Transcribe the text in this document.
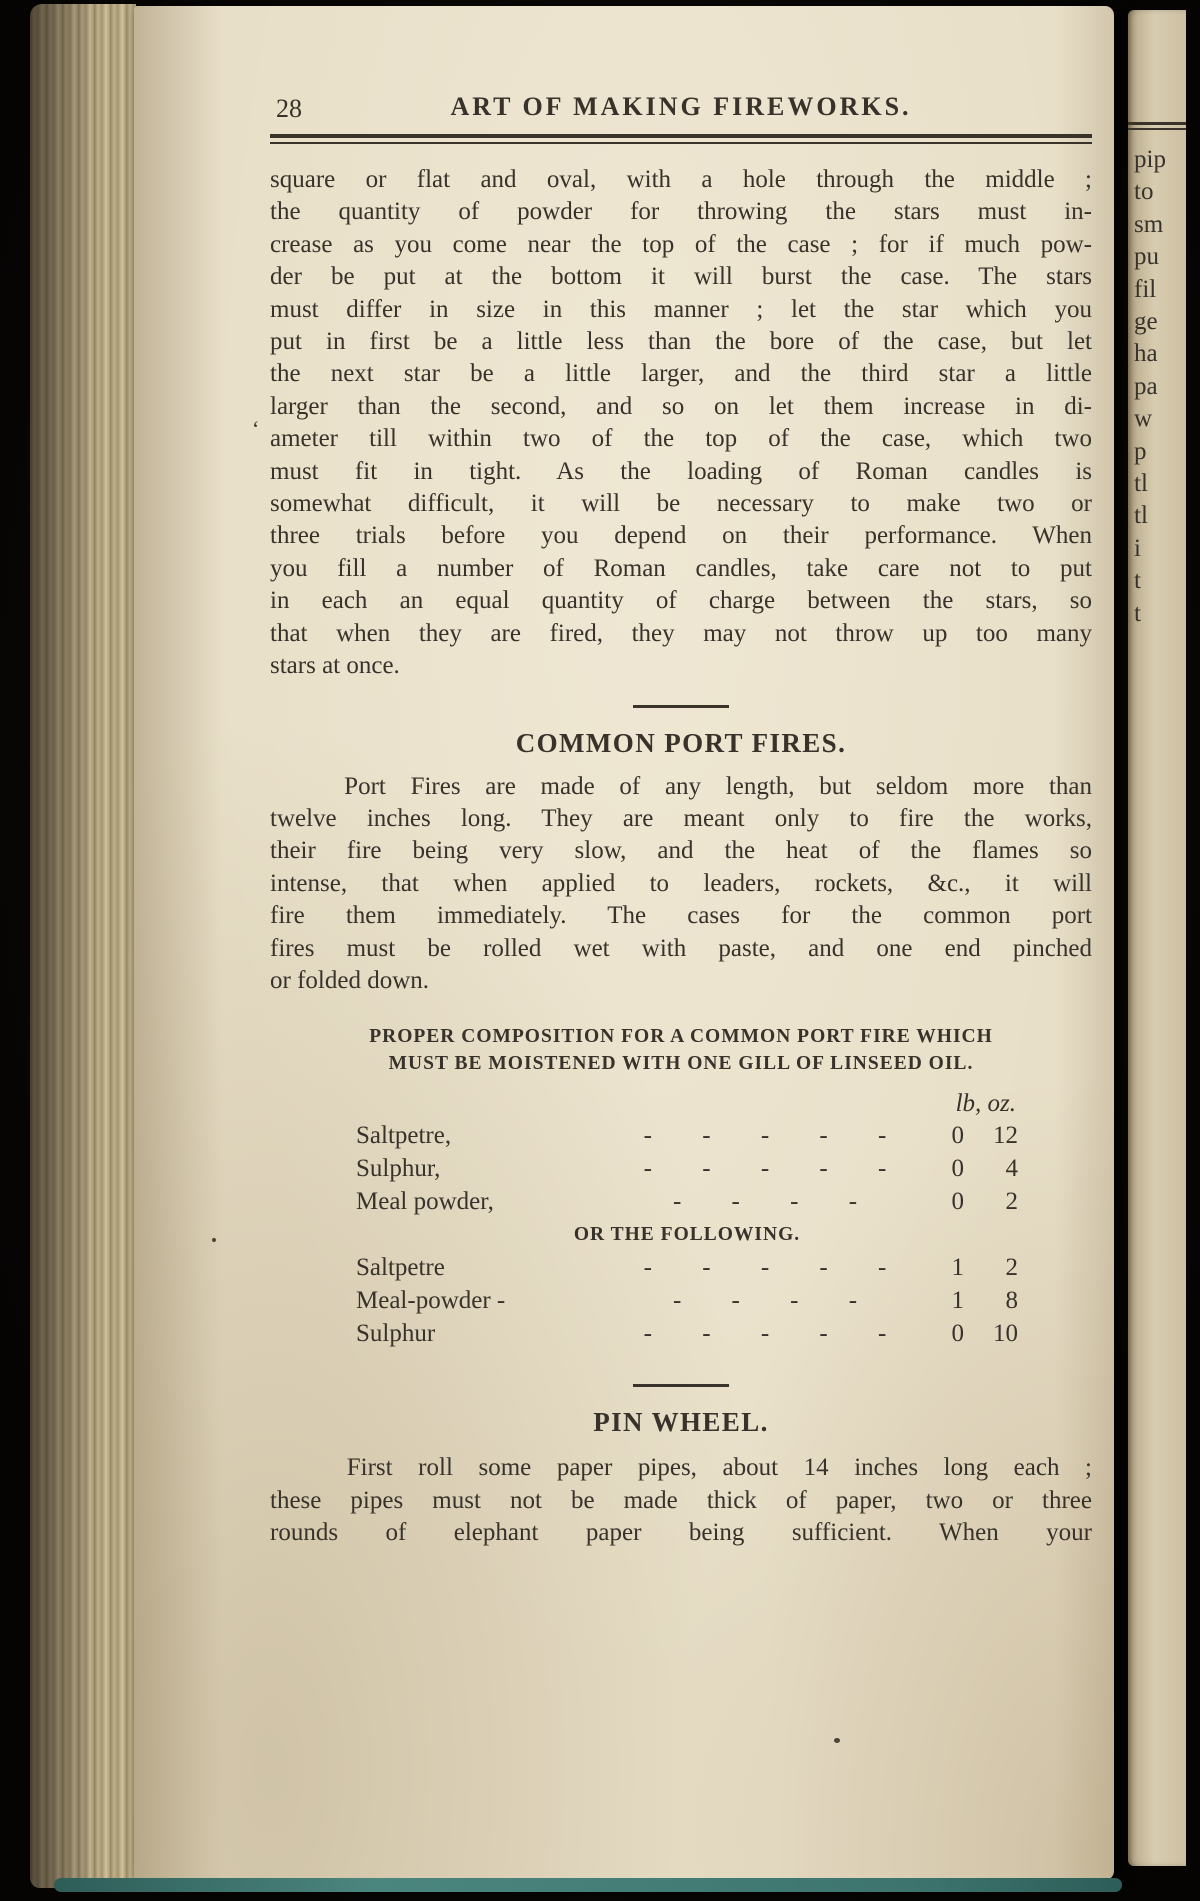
28	ART OF MAKING FIREWORKS.
square or flat and oval, with a hole through the middle ;
the quantity of powder for throwing the stars must in-
crease as you come near the top of the case ; for if much pow-
der be put at the bottom it will burst the case. The stars
must differ in size in this manner ; let the star which you
put in first be a little less than the bore of the case, but let
the next star be a little larger, and the third star a little
larger than the second, and so on let them increase in di-
ameter till within two of the top of the case, which two
must fit in tight. As the loading of Roman candles is
somewhat difficult, it will be necessary to make two or
three trials before you depend on their performance. When
you fill a number of Roman candles, take care not to put
in each an equal quantity of charge between the stars, so
that when they are fired, they may not throw up too many
stars at once.
COMMON PORT FIRES.
Port Fires are made of any length, but seldom more than
twelve inches long. They are meant only to fire the works,
their fire being very slow, and the heat of the flames so
intense, that when applied to leaders, rockets, &c., it will
fire them immediately. The cases for the common port
fires must be rolled wet with paste, and one end pinched
or folded down.
PROPER COMPOSITION FOR A COMMON PORT FIRE WHICH
MUST BE MOISTENED WITH ONE GILL OF LINSEED OIL.
lb, oz.
Saltpetre,	- - - - -	0	12
Sulphur,	- - - - -	0	4
Meal powder,	- - - -	0	2
OR THE FOLLOWING.
Saltpetre	- - - - -	1	2
Meal-powder -	- - - -	1	8
Sulphur	- - - - -	0	10
PIN WHEEL.
First roll some paper pipes, about 14 inches long each ;
these pipes must not be made thick of paper, two or three
rounds of elephant paper being sufficient. When your
‘
pip
to
sm
pu
fil
ge
ha
pa
w
p
tl
tl
i
t
t
